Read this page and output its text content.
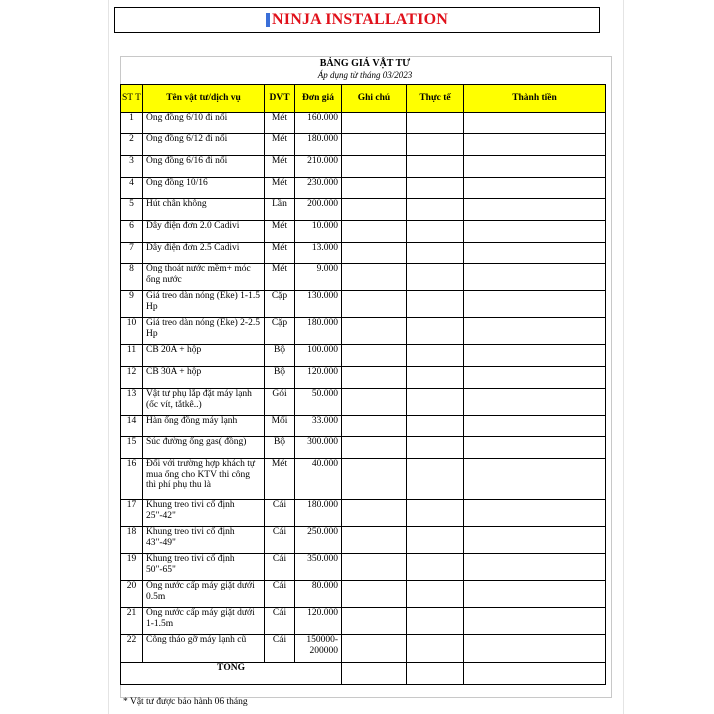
NINJA INSTALLATION
BẢNG GIÁ VẬT TƯ
Áp dụng từ tháng 03/2023
ST T	Tên vật tư/dịch vụ	DVT	Đơn giá	Ghi chú	Thực tế	Thành tiền
1	Ống đồng 6/10 đi nổi	Mét	160.000			
2	Ống đồng 6/12 đi nổi	Mét	180.000			
3	Ống đồng 6/16 đi nổi	Mét	210.000			
4	Ống đồng 10/16	Mét	230.000			
5	Hút chân không	Lần	200.000			
6	Dây điện đơn 2.0 Cadivi	Mét	10.000			
7	Dây điện đơn 2.5 Cadivi	Mét	13.000			
8	Ống thoát nước mềm+ móc ống nước	Mét	9.000			
9	Giá treo dàn nóng (Eke) 1-1.5 Hp	Cặp	130.000			
10	Giá treo dàn nóng (Eke) 2-2.5 Hp	Cặp	180.000			
11	CB 20A + hộp	Bộ	100.000			
12	CB 30A + hộp	Bộ	120.000			
13	Vật tư phụ lắp đặt máy lạnh (ốc vít, tắtkê..)	Gói	50.000			
14	Hàn ống đồng máy lạnh	Mối	33.000			
15	Súc đường ống gas( đồng)	Bộ	300.000			
16	Đối với trường hợp khách tự mua ống cho KTV thi công thì phí phụ thu là	Mét	40.000			
17	Khung treo tivi cố định 25"-42"	Cái	180.000			
18	Khung treo tivi cố định 43"-49"	Cái	250.000			
19	Khung treo tivi cố định 50"-65"	Cái	350.000			
20	Ống nước cấp máy giặt dưới 0.5m	Cái	80.000			
21	Ống nước cấp máy giặt dưới 1-1.5m	Cái	120.000			
22	Công tháo gỡ máy lạnh cũ	Cái	150000-200000			
TỔNG						
* Vật tư được bảo hành 06 tháng
